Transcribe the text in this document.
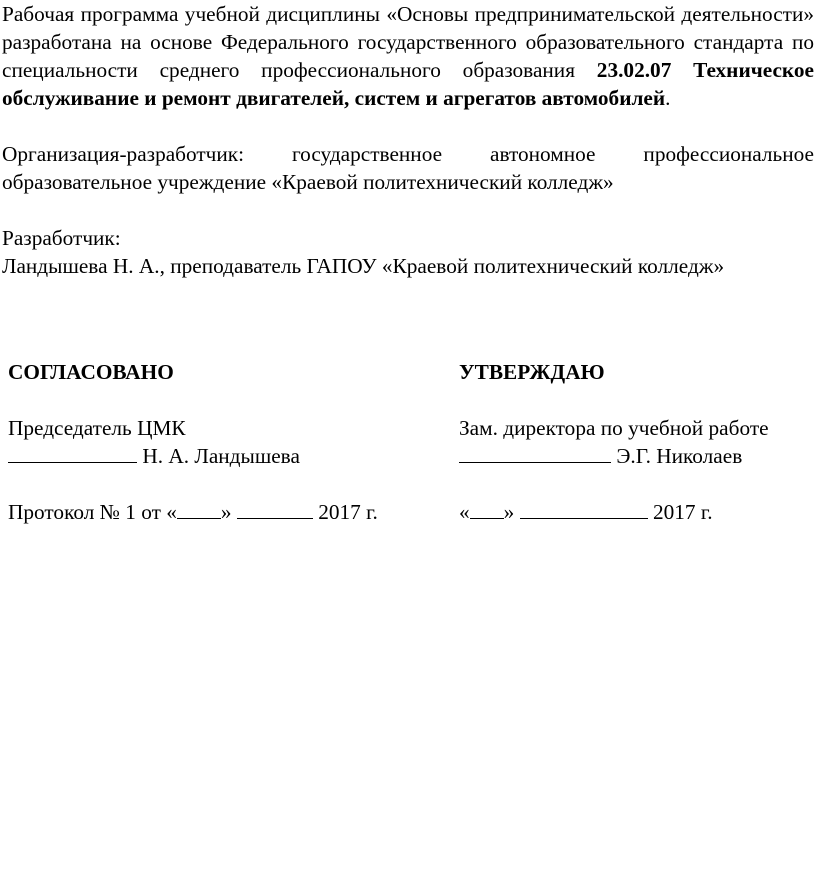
Рабочая программа учебной дисциплины «Основы предпринимательской деятельности» разработана на основе Федерального государственного образовательного стандарта по специальности среднего профессионального образования 23.02.07 Техническое обслуживание и ремонт двигателей, систем и агрегатов автомобилей.

Организация-разработчик: государственное автономное профессиональное образовательное учреждение «Краевой политехнический колледж»

Разработчик:

Ландышева Н. А., преподаватель ГАПОУ «Краевой политехнический колледж»

СОГЛАСОВАНО
Председатель ЦМК
Н. А. Ландышева
Протокол № 1 от « »	2017 г.
УТВЕРЖДАЮ
Зам. директора по учебной работе
Э.Г. Николаев
« »	2017 г.
